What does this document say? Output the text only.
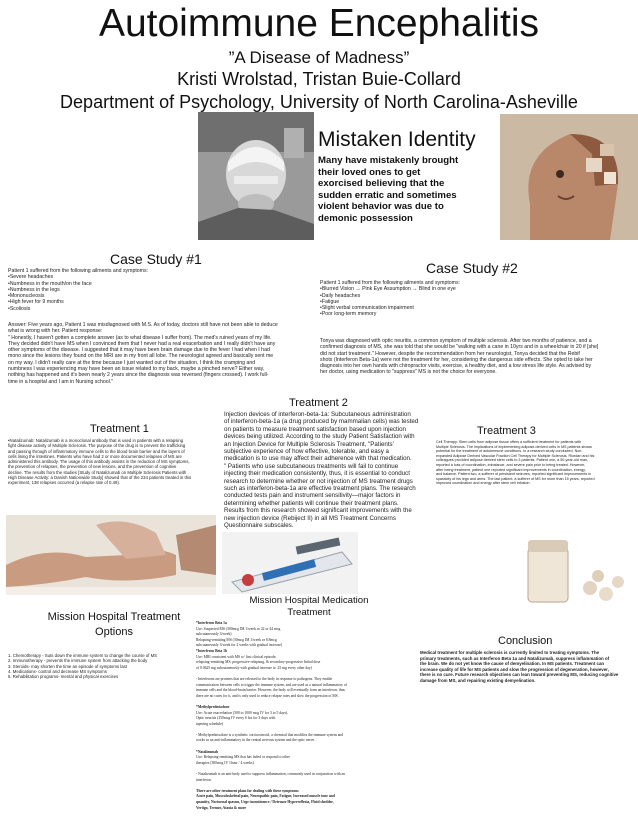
Autoimmune Encephalitis
”A Disease of Madness”
Kristi Wrolstad, Tristan Buie-Collard
Department of Psychology, University of North Carolina-Asheville
Mistaken Identity
Many have mistakenly brought
their loved ones to get
exorcised believing that the
sudden erratic and sometimes
violent behavior was due to
demonic possession
Case Study #1
Patient 1 suffered from the following ailments and symptoms:
•Severe headaches
•Numbness in the mouth/on the face
•Numbness in the legs
•Mononucleosis
•High fever for 9 months
•Scoliosis
Answer: Five years ago, Patient 1 was misdiagnosed with M.S. As of today, doctors still have not been able to deduce
what is wrong with her. Patient response:
" Honestly, I haven't gotten a complete answer (as to what disease I suffer from). The med's ruined years of my life.
They decided didn't have MS when I convinced them that I never had a real exacerbation and I really didn't have any
other symptoms of the disease. I suggested that it may have been brain damage due to the fever I had when I had
mono since the lesions they found on the MRI are in my front all lobe. The neurologist agreed and basically sent me
on my way. I didn't really care at the time because I just wanted out of the situation. I think the cramping and
numbness I was experiencing may have been an issue related to my back, maybe a pinched nerve? Either way,
nothing has happened and it's been nearly 2 years since the diagnosis was reversed (fingers crossed). I work full-
time in a hospital and I am in Nursing school."
Case Study #2
Patient 1 suffered from the following ailments and symptoms:
•Blurred Vision → Pink Eye Assumption → Blind in one eye
•Daily headaches
•Fatigue
•Slight verbal communication impairment
•Poor long-term memory
Tonya was diagnosed with optic neuritis, a common symptom of multiple sclerosis. After two months of patience, and a
confirmed diagnosis of MS, she was told that she would be "walking with a cane in 10yrs and in a wheelchair in 20 if [she]
did not start treatment." However, despite the recommendation from her neurologist, Tonya decided that the Rebif
shots (Interferon Beta-1a) were not the treatment for her, considering the dangerous side effects. She opted to take her
diagnosis into her own hands with chiropractor visits, exercise, a healthy diet, and a low stress life style. As advised by
her doctor, using medication to "suppress" MS is not the choice for everyone.
Treatment 1
•Natalizumab: Natalizumab is a monoclonal antibody that is used in patients with a relapsing
fight disease activity of Multiple Sclerosis. The purpose of the drug is to prevent the trafficking
and passing through of inflammatory immune cells to the blood brain barrier and the layers of
cells lining the intestines. Patients who have had 2 or more documented relapses of MS are
administered this antibody. The usage of this antibody assists in the reduction of MS symptoms,
the prevention of relapses, the prevention of new lesions, and the prevention of cognitive
decline. The results from the studies [Study of Natalizumab on Multiple Sclerosis Patients with
High Disease Activity: a Danish Nationwide Study] showed that of the 234 patients treated in this
experiment, 138 relapses occurred (a relapse rate of 0.49).
Treatment 2
Injection devices of interferon-beta-1a: Subcutaneous administration
of interferon-beta-1a (a drug produced by mammalian cells) was tested
on patients to measure treatment satisfaction based upon injection
devices being utilized. According to the study Patient Satisfaction with
an Injection Device for Multiple Sclerosis Treatment, "Patients'
subjective experience of how effective, tolerable, and easy a
medication is to use may affect their adherence with that medication.
" Patients who use subcutaneous treatments will fail to continue
injecting their medication consistently, thus, it is essential to conduct
research to determine whether or not injection of MS treatment drugs
such as interferon-beta-1a are effective treatment plans. The research
conducted tests pain and instrument sensitivity—major factors in
determining whether patients will continue their treatment plans.
Results from this research showed significant improvements with the
new injection device (Rebiject II) in all MS Treatment Concerns
Questionnaire subscales.
Treatment 3
Cell Therapy: Stem cells from adipose tissue offers a sufficient treatment for patients with
Multiple Sclerosis. The implications of implementing adipose-derived cells in MS patients shows
potential for the treatment of autoimmune conditions. In a research study conducted, Non-
expanded Adipose Derived Vascular Fraction Cell Therapy for Multiple Sclerosis, Riordan and his
colleagues provided adipose derived stem cells to 3 patients. Patient one, a 50-year-old man,
reported a loss of coordination, imbalance, and severe pain prior to being treated. However,
after being treatment, patient one reported significant improvements in coordination, energy,
and balance. Patient two, a sufferer of persistent seizures, reported significant improvements in
spasticity of his legs and arms. The last patient, a sufferer of MS for more than 15 years, reported
improved coordination and energy after stem cell infusion.
Mission Hospital Treatment
Options
1. Chemotherapy - Suts down the immune system to change the course of MS
2. Immunotherapy - prevents the immune system from attacking the body
3. Steroids- may shorten the time an episode of symptoms last
4. Medications- control and decrease MS symptoms
5. Rehabilitation programs- mental and physical exercises
Mission Hospital Medication
Treatment
*Interferon Beta 1a
Use: Suspected MS (300mcg IM 1/week or 22 or 44 mcg
subcutaneously 3/week)
Relapsing-remitting MS (30mcg IM 1/week or 8.8mcg
subcutaneously 3/week for 2 weeks with gradual increase)
*Interferon Beta 1b
Use: MRI consistent with MS w/ first clinical episode,
relapsing-remitting MS, progressive-relapsing, & secondary-progressive Initial dose
of 0.0625 mg subcutaneously with gradual increase to .25 mg every other day)

- Interferons are proteins that are released to the body in response to pathogens. They enable
communication between cells to trigger the immune system, and are used as a natural inflammatory of
immune cells and the blood-brain barrier. However, the body will eventually form an interferon, thus
there are no cures for it, and is only used to reduce relapse rates and slow the progression of MS.

*Methylprednisolone
Use: Acute exacerbation (500 to 1000 mcg IV for 3 to 5 days).
Optic neuritis (250mcg IV every 6 hrs for 3 days with
tapering schedule)

- Methylprednisolone is a synthetic corticosteroid, a chemical that modifies the immune system and
works as an anti-inflammatory in the central nervous system and the optic nerve.

*Natalizumab
Use: Relapsing-remitting MS that has failed or respond to other
therapies (300mcg IV 1hour / 4 weeks)

- Natalizumab is an anti-body used to suppress inflammation, commonly used in conjunction with an
interferon.

There are other treatment plans for dealing with these symptoms:
Acute pain, Musculoskeletal pain, Neuropathic pain, Fatigue, Increased muscle tone and
quantity, Nocturnal spasms, Urge incontinence / Detrusor Hyperreflexia, Fluid shedder,
Vertigo, Tremor, Ataxia & more
Conclusion
Medical treatment for multiple sclerosis is currently limited to treating symptoms. The
primary treatments, such as Interferon Beta 1a and Natalizumab, suppress inflammation of
the brain. We do not yet know the cause of demyelination. In MS patients. Treatment can
increase quality of life for MS patients and slow the progression of degeneration, however,
there is no cure. Future research objectives can lean toward preventing MS, reducing cognitive
damage from MS, and repairing existing demyelination.
